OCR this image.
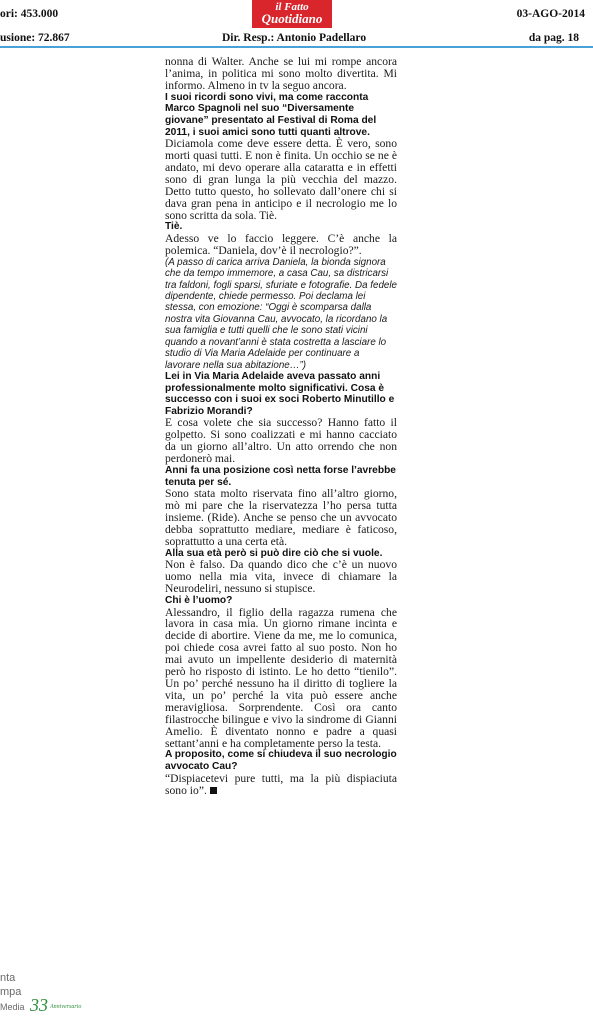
ori: 453.000
usione: 72.867
il Fatto
Quotidiano
Dir. Resp.: Antonio Padellaro
03-AGO-2014
da pag. 18

nonna di Walter. Anche se lui mi rompe ancora l’anima, in politica mi sono molto divertita. Mi informo. Almeno in tv la seguo ancora.

I suoi ricordi sono vivi, ma come racconta Marco Spagnoli nel suo “Diversamente giovane” presentato al Festival di Roma del 2011, i suoi amici sono tutti quanti altrove.

Diciamola come deve essere detta. È vero, sono morti quasi tutti. E non è finita. Un occhio se ne è andato, mi devo operare alla cataratta e in effetti sono di gran lunga la più vecchia del mazzo. Detto tutto questo, ho sollevato dall’onere chi si dava gran pena in anticipo e il necrologio me lo sono scritta da sola. Tiè.

Tiè.

Adesso ve lo faccio leggere. C’è anche la polemica. “Daniela, dov’è il necrologio?”.

(A passo di carica arriva Daniela, la bionda signora che da tempo immemore, a casa Cau, sa districarsi tra faldoni, fogli sparsi, sfuriate e fotografie. Da fedele dipendente, chiede permesso. Poi declama lei stessa, con emozione: “Oggi è scomparsa dalla nostra vita Giovanna Cau, avvocato, la ricordano la sua famiglia e tutti quelli che le sono stati vicini quando a novant’anni è stata costretta a lasciare lo studio di Via Maria Adelaide per continuare a lavorare nella sua abitazione…”)

Lei in Via Maria Adelaide aveva passato anni professionalmente molto significativi. Cosa è successo con i suoi ex soci Roberto Minutillo e Fabrizio Morandi?

E cosa volete che sia successo? Hanno fatto il golpetto. Si sono coalizzati e mi hanno cacciato da un giorno all’altro. Un atto orrendo che non perdonerò mai.

Anni fa una posizione così netta forse l’avrebbe tenuta per sé.

Sono stata molto riservata fino all’altro giorno, mò mi pare che la riservatezza l’ho persa tutta insieme. (Ride). Anche se penso che un avvocato debba soprattutto mediare, mediare è faticoso, soprattutto a una certa età.

Alla sua età però si può dire ciò che si vuole.

Non è falso. Da quando dico che c’è un nuovo uomo nella mia vita, invece di chiamare la Neurodeliri, nessuno si stupisce.

Chi è l’uomo?

Alessandro, il figlio della ragazza rumena che lavora in casa mia. Un giorno rimane incinta e decide di abortire. Viene da me, me lo comunica, poi chiede cosa avrei fatto al suo posto. Non ho mai avuto un impellente desiderio di maternità però ho risposto di istinto. Le ho detto “tienilo”. Un po’ perché nessuno ha il diritto di togliere la vita, un po’ perché la vita può essere anche meravigliosa. Sorprendente. Così ora canto filastrocche bilingue e vivo la sindrome di Gianni Amelio. È diventato nonno e padre a quasi settant’anni e ha completamente perso la testa.

A proposito, come si chiudeva il suo necrologio avvocato Cau?

“Dispiacetevi pure tutti, ma la più dispiaciuta sono io”.

nta
mpa
Media 33 Anniversario
